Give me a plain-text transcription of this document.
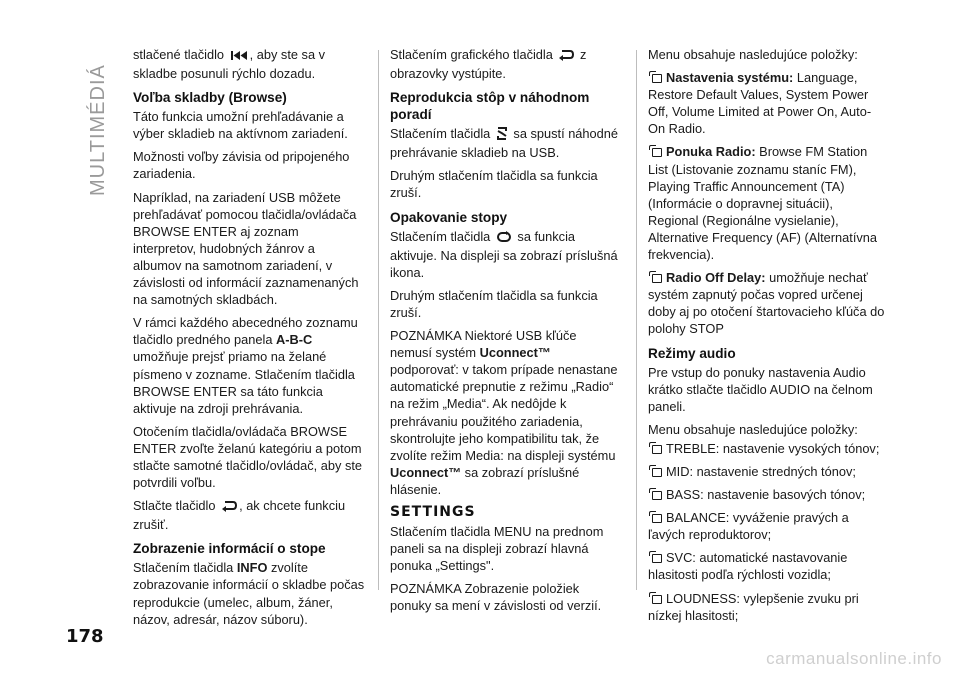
MULTIMÉDIÁ
178

stlačené tlačidlo , aby ste sa v skladbe posunuli rýchlo dozadu.

Voľba skladby (Browse)

Táto funkcia umožní prehľadávanie a výber skladieb na aktívnom zariadení.

Možnosti voľby závisia od pripojeného zariadenia.

Napríklad, na zariadení USB môžete prehľadávať pomocou tlačidla/ovládača BROWSE ENTER aj zoznam interpretov, hudobných žánrov a albumov na samotnom zariadení, v závislosti od informácií zaznamenaných na samotných skladbách.

V rámci každého abecedného zoznamu tlačidlo predného panela A-B-C umožňuje prejsť priamo na želané písmeno v zozname. Stlačením tlačidla BROWSE ENTER sa táto funkcia aktivuje na zdroji prehrávania.

Otočením tlačidla/ovládača BROWSE ENTER zvoľte želanú kategóriu a potom stlačte samotné tlačidlo/ovládač, aby ste potvrdili voľbu.

Stlačte tlačidlo , ak chcete funkciu zrušiť.

Zobrazenie informácií o stope

Stlačením tlačidla INFO zvolíte zobrazovanie informácií o skladbe počas reprodukcie (umelec, album, žáner, názov, adresár, názov súboru).

Stlačením grafického tlačidla z obrazovky vystúpite.

Reprodukcia stôp v náhodnom poradí

Stlačením tlačidla sa spustí náhodné prehrávanie skladieb na USB.

Druhým stlačením tlačidla sa funkcia zruší.

Opakovanie stopy

Stlačením tlačidla sa funkcia aktivuje. Na displeji sa zobrazí príslušná ikona.

Druhým stlačením tlačidla sa funkcia zruší.

POZNÁMKA Niektoré USB kľúče nemusí systém Uconnect™ podporovať: v takom prípade nenastane automatické prepnutie z režimu „Radio“ na režim „Media“. Ak nedôjde k prehrávaniu použitého zariadenia, skontrolujte jeho kompatibilitu tak, že zvolíte režim Media: na displeji systému Uconnect™ sa zobrazí príslušné hlásenie.

SETTINGS

Stlačením tlačidla MENU na prednom paneli sa na displeji zobrazí hlavná ponuka „Settings".

POZNÁMKA Zobrazenie položiek ponuky sa mení v závislosti od verzií.

Menu obsahuje nasledujúce položky:

Nastavenia systému: Language, Restore Default Values, System Power Off, Volume Limited at Power On, Auto-On Radio.

Ponuka Radio: Browse FM Station List (Listovanie zoznamu staníc FM), Playing Traffic Announcement (TA) (Informácie o dopravnej situácii), Regional (Regionálne vysielanie), Alternative Frequency (AF) (Alternatívna frekvencia).

Radio Off Delay: umožňuje nechať systém zapnutý počas vopred určenej doby aj po otočení štartovacieho kľúča do polohy STOP

Režimy audio

Pre vstup do ponuky nastavenia Audio krátko stlačte tlačidlo AUDIO na čelnom paneli.

Menu obsahuje nasledujúce položky:

TREBLE: nastavenie vysokých tónov;

MID: nastavenie stredných tónov;

BASS: nastavenie basových tónov;

BALANCE: vyváženie pravých a ľavých reproduktorov;

SVC: automatické nastavovanie hlasitosti podľa rýchlosti vozidla;

LOUDNESS: vylepšenie zvuku pri nízkej hlasitosti;

carmanualsonline.info
